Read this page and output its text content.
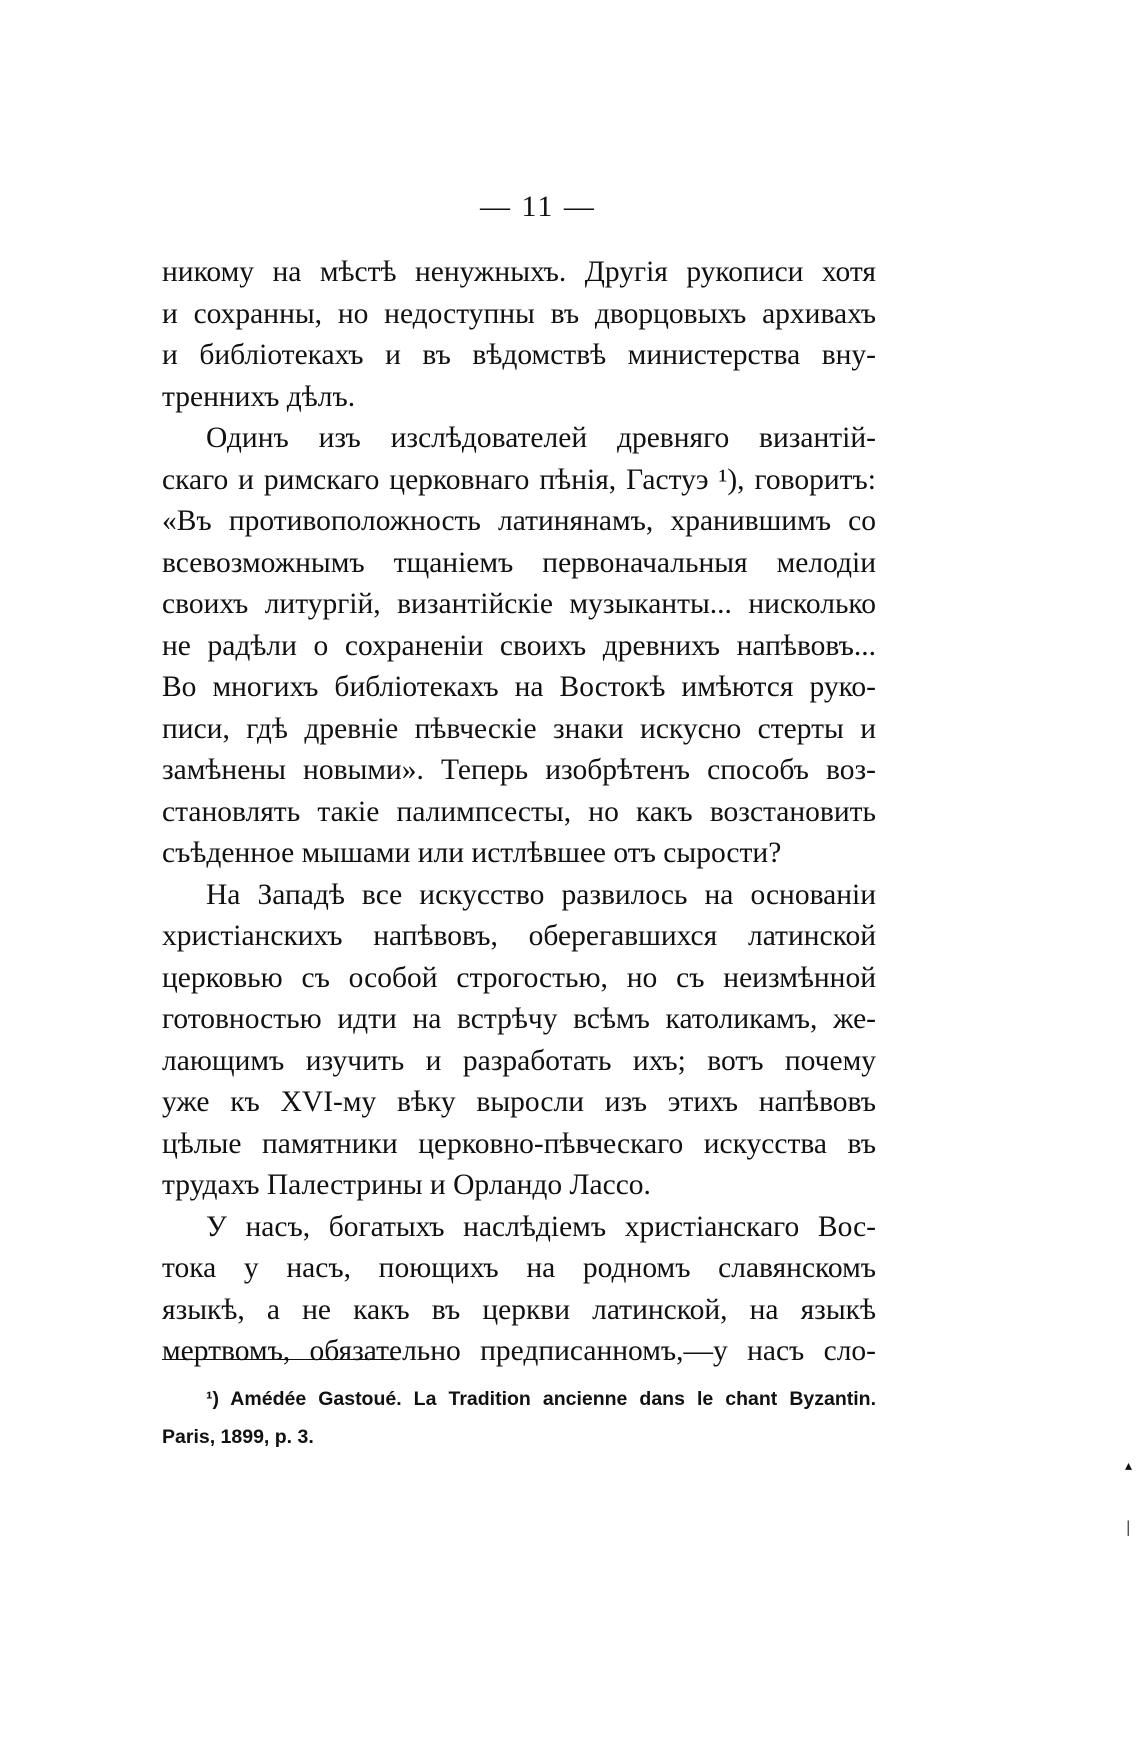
— 11 —
никому на мѣстѣ ненужныхъ. Другія рукописи хотя
и сохранны, но недоступны въ дворцовыхъ архивахъ
и библіотекахъ и въ вѣдомствѣ министерства вну-
треннихъ дѣлъ.
Одинъ изъ изслѣдователей древняго византій-
скаго и римскаго церковнаго пѣнія, Гастуэ ¹), говоритъ:
«Въ противоположность латинянамъ, хранившимъ со
всевозможнымъ тщаніемъ первоначальныя мелодіи
своихъ литургій, византійскіе музыканты... нисколько
не радѣли о сохраненіи своихъ древнихъ напѣвовъ...
Во многихъ библіотекахъ на Востокѣ имѣются руко-
писи, гдѣ древніе пѣвческіе знаки искусно стерты и
замѣнены новыми». Теперь изобрѣтенъ способъ воз-
становлять такіе палимпсесты, но какъ возстановить
съѣденное мышами или истлѣвшее отъ сырости?
На Западѣ все искусство развилось на основаніи
христіанскихъ напѣвовъ, оберегавшихся латинской
церковью съ особой строгостью, но съ неизмѣнной
готовностью идти на встрѣчу всѣмъ католикамъ, же-
лающимъ изучить и разработать ихъ; вотъ почему
уже къ XVI-му вѣку выросли изъ этихъ напѣвовъ
цѣлые памятники церковно-пѣвческаго искусства въ
трудахъ Палестрины и Орландо Лассо.
У насъ, богатыхъ наслѣдіемъ христіанскаго Вос-
тока у насъ, поющихъ на родномъ славянскомъ
языкѣ, а не какъ въ церкви латинской, на языкѣ
мертвомъ, обязательно предписанномъ,—у насъ сло-
¹) Amédée Gastoué. La Tradition ancienne dans le chant Byzantin.
Paris, 1899, p. 3.
▴
ǀ
